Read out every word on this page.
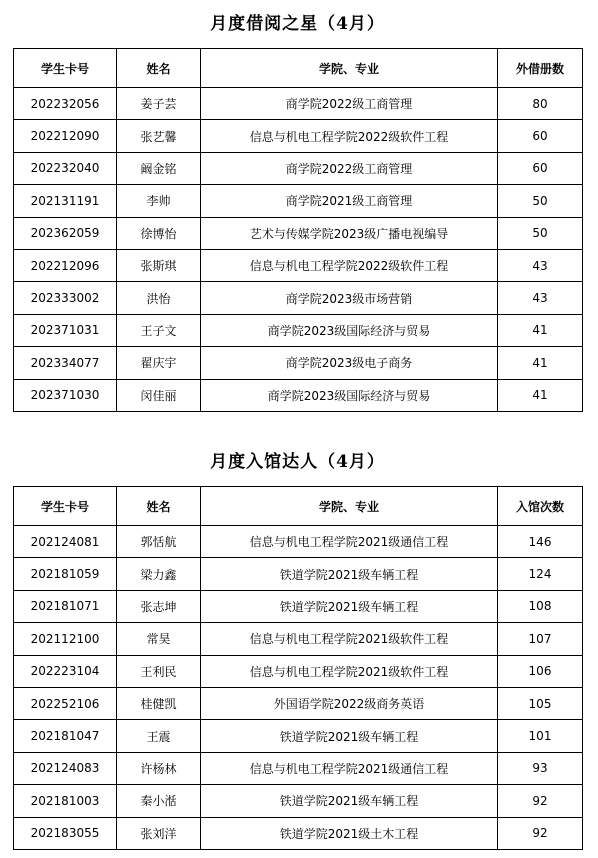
月度借阅之星（4月）
学生卡号	姓名	学院、专业	外借册数
202232056	姜子芸	商学院2022级工商管理	80
202212090	张艺馨	信息与机电工程学院2022级软件工程	60
202232040	阚金铭	商学院2022级工商管理	60
202131191	李帅	商学院2021级工商管理	50
202362059	徐博怡	艺术与传媒学院2023级广播电视编导	50
202212096	张斯琪	信息与机电工程学院2022级软件工程	43
202333002	洪怡	商学院2023级市场营销	43
202371031	王子文	商学院2023级国际经济与贸易	41
202334077	翟庆宇	商学院2023级电子商务	41
202371030	闵佳丽	商学院2023级国际经济与贸易	41
月度入馆达人（4月）
学生卡号	姓名	学院、专业	入馆次数
202124081	郭恬航	信息与机电工程学院2021级通信工程	146
202181059	梁力鑫	铁道学院2021级车辆工程	124
202181071	张志坤	铁道学院2021级车辆工程	108
202112100	常昊	信息与机电工程学院2021级软件工程	107
202223104	王利民	信息与机电工程学院2021级软件工程	106
202252106	桂健凯	外国语学院2022级商务英语	105
202181047	王震	铁道学院2021级车辆工程	101
202124083	许杨林	信息与机电工程学院2021级通信工程	93
202181003	秦小湉	铁道学院2021级车辆工程	92
202183055	张刘洋	铁道学院2021级土木工程	92
